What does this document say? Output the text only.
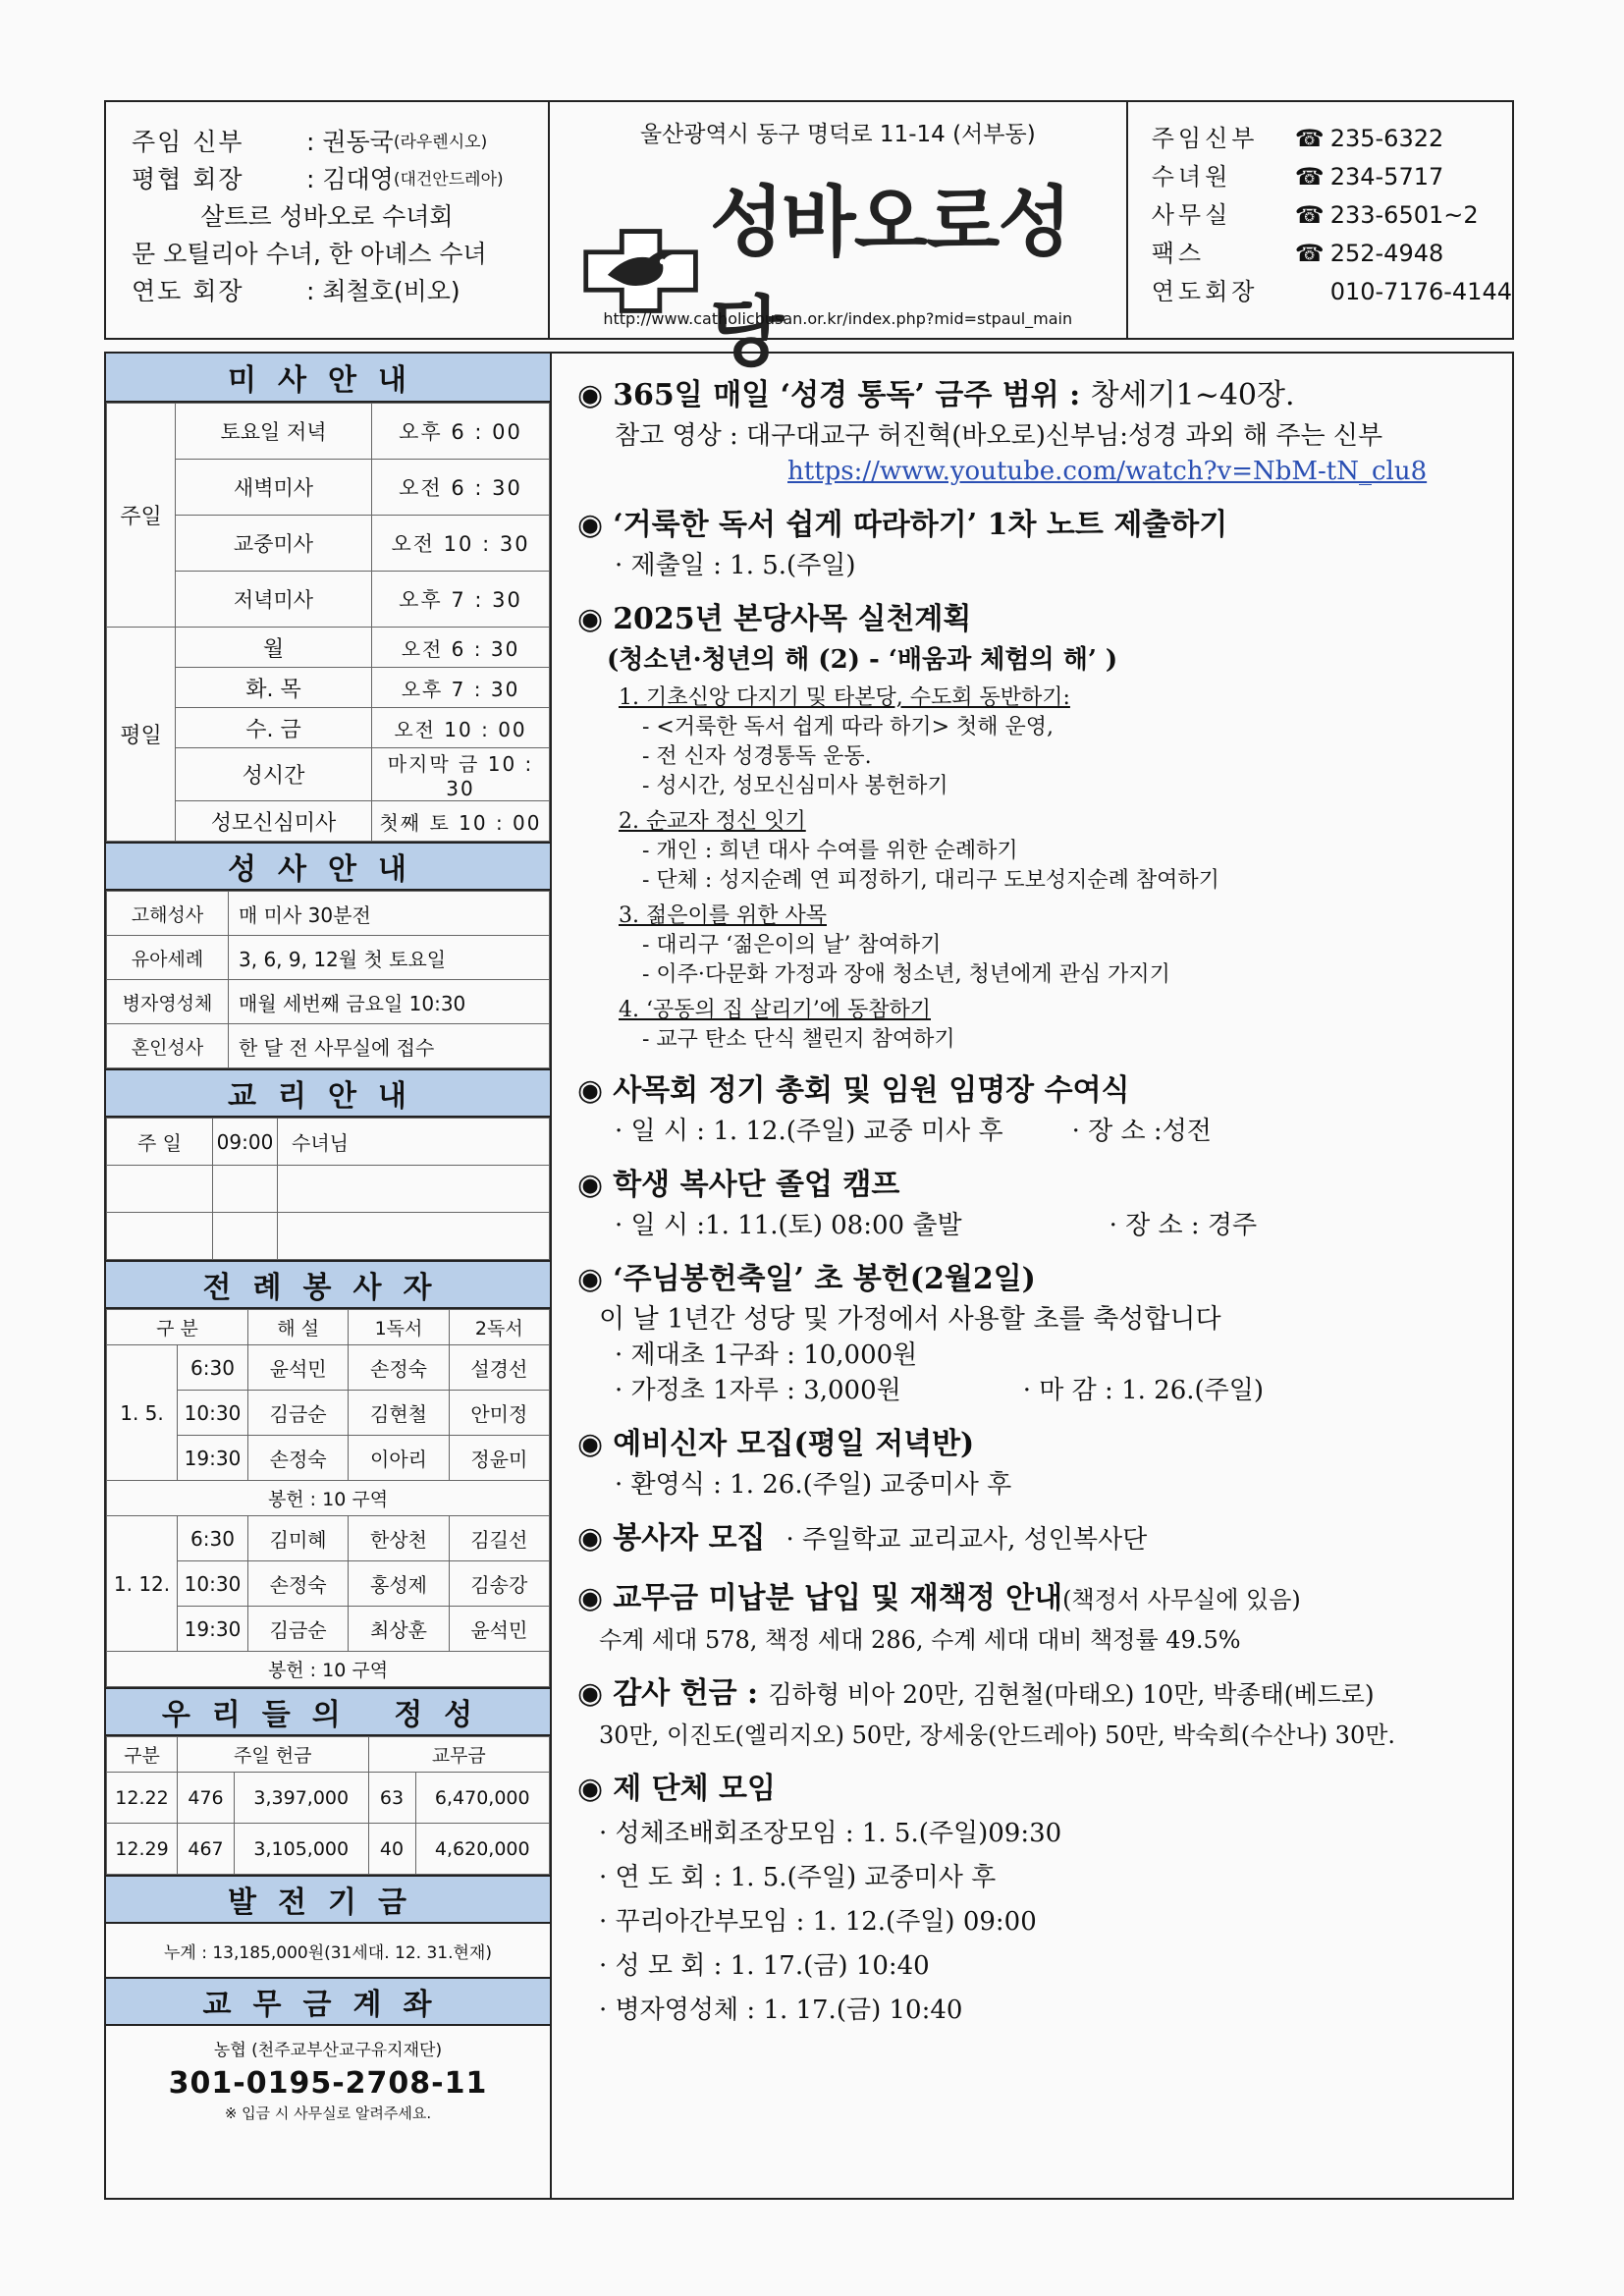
주임 신부	: 권동국 (라우렌시오)
평협 회장	: 김대영 (대건안드레아)
살트르 성바오로 수녀회
문 오틸리아 수녀, 한 아녜스 수녀
연도 회장	: 최철호(비오)
울산광역시 동구 명덕로 11-14 (서부동)
성바오로성당
http://www.catholicbusan.or.kr/index.php?mid=stpaul_main
주임신부	☎ 235-6322
수녀원	☎ 234-5717
사무실	☎ 233-6501~2
팩스	☎ 252-4948
연도회장	010-7176-4144
미사안내
주일	토요일 저녁	오후 6 : 00
	새벽미사	오전 6 : 30
	교중미사	오전 10 : 30
	저녁미사	오후 7 : 30
평일	월	오전 6 : 30
	화. 목	오후 7 : 30
	수. 금	오전 10 : 00
	성시간	마지막 금 10 : 30
	성모신심미사	첫째 토 10 : 00
성사안내
고해성사	매 미사 30분전
유아세례	3, 6, 9, 12월 첫 토요일
병자영성체	매월 세번째 금요일 10:30
혼인성사	한 달 전 사무실에 접수
교리안내
주 일	09:00	수녀님

전례봉사자
구 분		해 설	1독서	2독서
1. 5.	6:30	윤석민	손정숙	설경선
	10:30	김금순	김현철	안미정
	19:30	손정숙	이아리	정윤미
봉헌 : 10 구역				
1. 12.	6:30	김미혜	한상천	김길선
	10:30	손정숙	홍성제	김송강
	19:30	김금순	최상훈	윤석민
봉헌 : 10 구역				
우리들의 정성
구분	주일 헌금		교무금	
12.22	476	3,397,000	63	6,470,000
12.29	467	3,105,000	40	4,620,000
발전기금
누계 : 13,185,000원(31세대. 12. 31.현재)
교무금계좌
농협 (천주교부산교구유지재단)
301-0195-2708-11
※ 입금 시 사무실로 알려주세요.
◉ 365일 매일 ‘성경 통독’ 금주 범위 : 창세기1~40장.
참고 영상 : 대구대교구 허진혁(바오로)신부님:성경 과외 해 주는 신부
https://www.youtube.com/watch?v=NbM-tN_clu8
◉ ‘거룩한 독서 쉽게 따라하기’ 1차 노트 제출하기
· 제출일 : 1. 5.(주일)
◉ 2025년 본당사목 실천계획
(청소년·청년의 해 (2) - ‘배움과 체험의 해’ )
1. 기초신앙 다지기 및 타본당, 수도회 동반하기:
- <거룩한 독서 쉽게 따라 하기> 첫해 운영,
- 전 신자 성경통독 운동.
- 성시간, 성모신심미사 봉헌하기
2. 순교자 정신 잇기
- 개인 : 희년 대사 수여를 위한 순례하기
- 단체 : 성지순례 연 피정하기, 대리구 도보성지순례 참여하기
3. 젊은이를 위한 사목
- 대리구 ‘젊은이의 날’ 참여하기
- 이주·다문화 가정과 장애 청소년, 청년에게 관심 가지기
4. ‘공동의 집 살리기’에 동참하기
- 교구 탄소 단식 챌린지 참여하기
◉ 사목회 정기 총회 및 임원 임명장 수여식
· 일 시 : 1. 12.(주일) 교중 미사 후	· 장 소 :성전
◉ 학생 복사단 졸업 캠프
· 일 시 :1. 11.(토) 08:00 출발	· 장 소 : 경주
◉ ‘주님봉헌축일’ 초 봉헌(2월2일)
이 날 1년간 성당 및 가정에서 사용할 초를 축성합니다
· 제대초 1구좌 : 10,000원
· 가정초 1자루 : 3,000원	· 마 감 : 1. 26.(주일)
◉ 예비신자 모집(평일 저녁반)
· 환영식 : 1. 26.(주일) 교중미사 후
◉ 봉사자 모집 · 주일학교 교리교사, 성인복사단
◉ 교무금 미납분 납입 및 재책정 안내(책정서 사무실에 있음)
수계 세대 578, 책정 세대 286, 수계 세대 대비 책정률 49.5%
◉ 감사 헌금 : 김하형 비아 20만, 김현철(마태오) 10만, 박종태(베드로)
30만, 이진도(엘리지오) 50만, 장세웅(안드레아) 50만, 박숙희(수산나) 30만.
◉ 제 단체 모임
· 성체조배회조장모임 : 1. 5.(주일)09:30
· 연 도 회 : 1. 5.(주일) 교중미사 후
· 꾸리아간부모임 : 1. 12.(주일) 09:00
· 성 모 회 : 1. 17.(금) 10:40
· 병자영성체 : 1. 17.(금) 10:40
